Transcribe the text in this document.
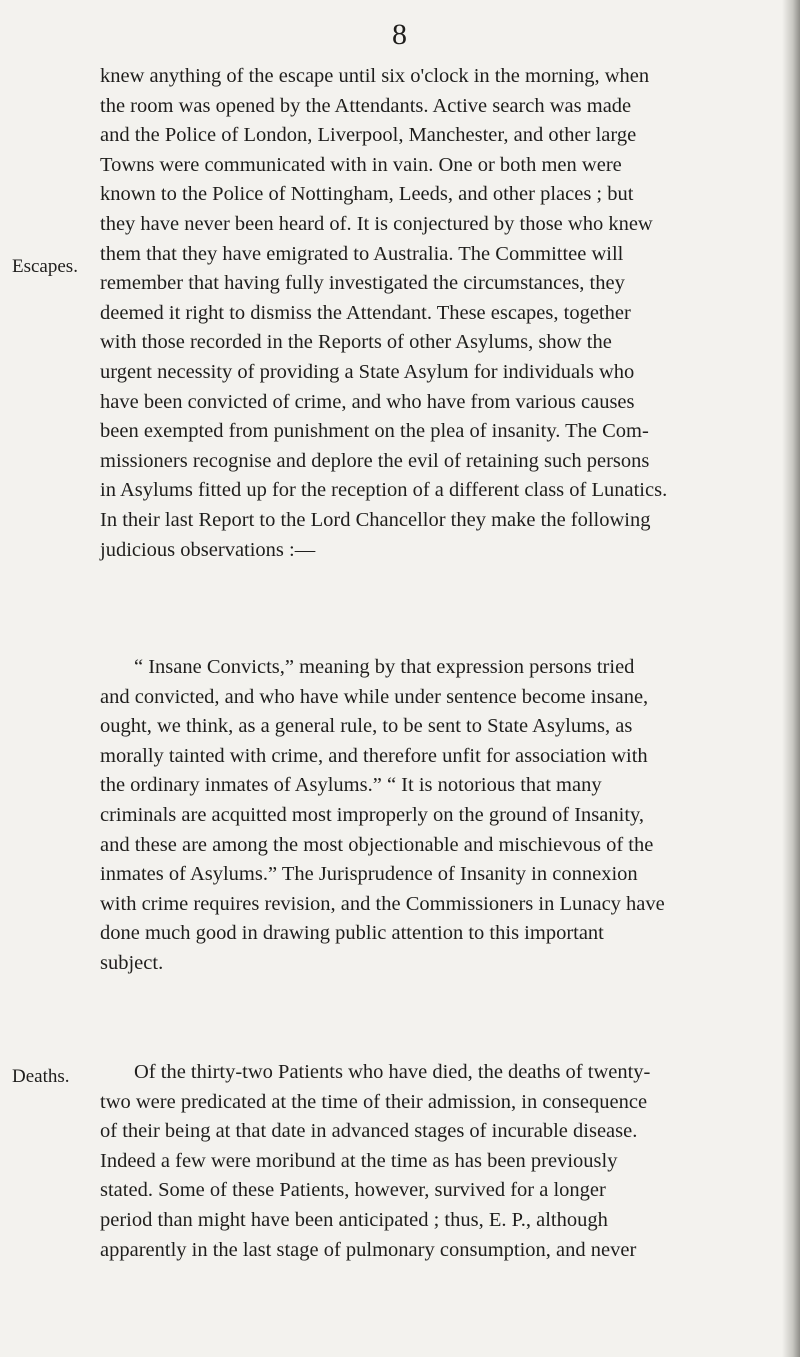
8
Escapes.
Deaths.
knew anything of the escape until six o'clock in the morning, when
the room was opened by the Attendants. Active search was made
and the Police of London, Liverpool, Manchester, and other large
Towns were communicated with in vain. One or both men were
known to the Police of Nottingham, Leeds, and other places ; but
they have never been heard of. It is conjectured by those who knew
them that they have emigrated to Australia. The Committee will
remember that having fully investigated the circumstances, they
deemed it right to dismiss the Attendant. These escapes, together
with those recorded in the Reports of other Asylums, show the
urgent necessity of providing a State Asylum for individuals who
have been convicted of crime, and who have from various causes
been exempted from punishment on the plea of insanity. The Com-
missioners recognise and deplore the evil of retaining such persons
in Asylums fitted up for the reception of a different class of Lunatics.
In their last Report to the Lord Chancellor they make the following
judicious observations :—
“ Insane Convicts,” meaning by that expression persons tried
and convicted, and who have while under sentence become insane,
ought, we think, as a general rule, to be sent to State Asylums, as
morally tainted with crime, and therefore unfit for association with
the ordinary inmates of Asylums.” “ It is notorious that many
criminals are acquitted most improperly on the ground of Insanity,
and these are among the most objectionable and mischievous of the
inmates of Asylums.” The Jurisprudence of Insanity in connexion
with crime requires revision, and the Commissioners in Lunacy have
done much good in drawing public attention to this important
subject.
Of the thirty-two Patients who have died, the deaths of twenty-
two were predicated at the time of their admission, in consequence
of their being at that date in advanced stages of incurable disease.
Indeed a few were moribund at the time as has been previously
stated. Some of these Patients, however, survived for a longer
period than might have been anticipated ; thus, E. P., although
apparently in the last stage of pulmonary consumption, and never
